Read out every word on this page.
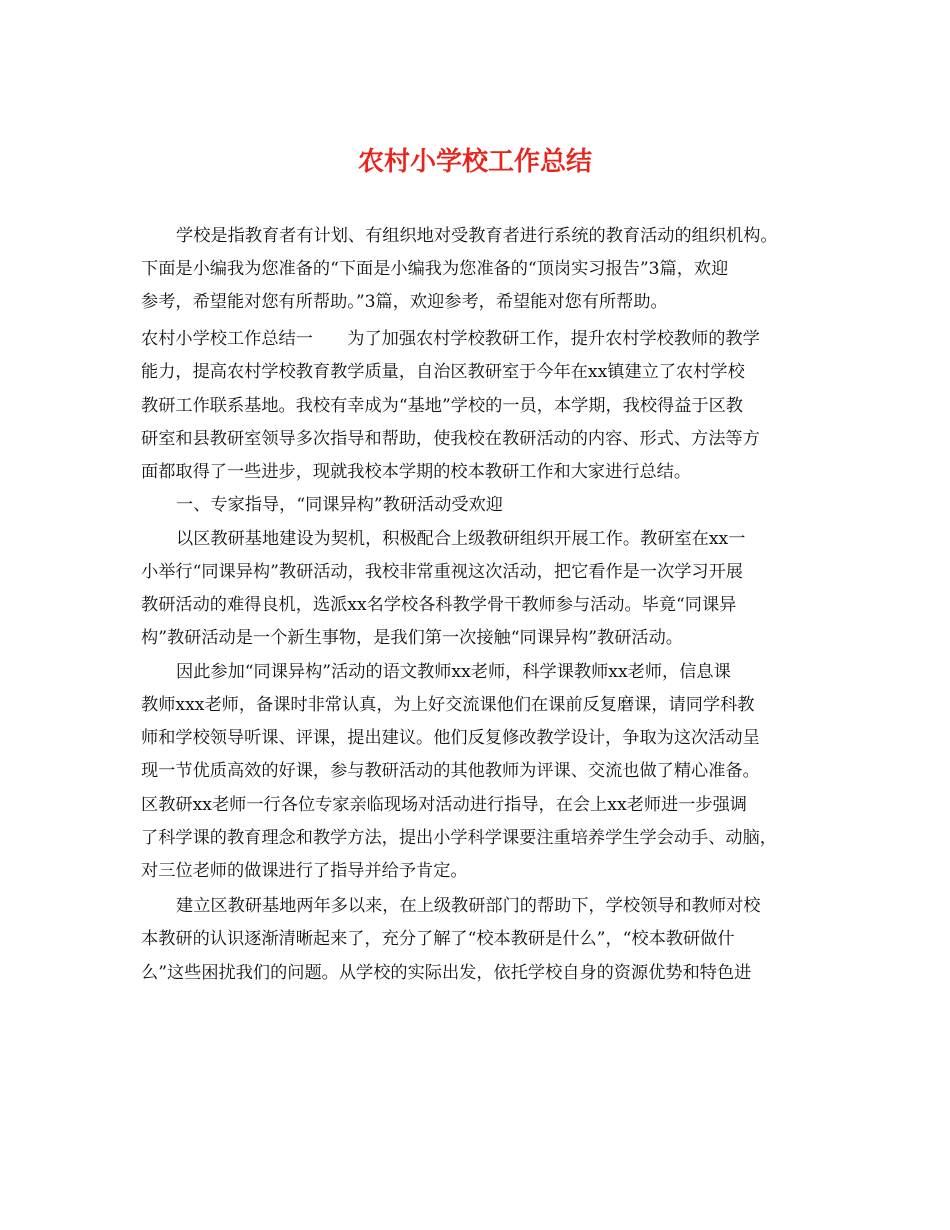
农村小学校工作总结
学校是指教育者有计划、有组织地对受教育者进行系统的教育活动的组织机构。
下面是小编我为您准备的“下面是小编我为您准备的“顶岗实习报告”3篇，欢迎
参考，希望能对您有所帮助。”3篇，欢迎参考，希望能对您有所帮助。
农村小学校工作总结一　　为了加强农村学校教研工作，提升农村学校教师的教学
能力，提高农村学校教育教学质量，自治区教研室于今年在xx镇建立了农村学校
教研工作联系基地。我校有幸成为“基地”学校的一员，本学期，我校得益于区教
研室和县教研室领导多次指导和帮助，使我校在教研活动的内容、形式、方法等方
面都取得了一些进步，现就我校本学期的校本教研工作和大家进行总结。
一、专家指导，“同课异构”教研活动受欢迎
以区教研基地建设为契机，积极配合上级教研组织开展工作。教研室在xx一
小举行“同课异构”教研活动，我校非常重视这次活动，把它看作是一次学习开展
教研活动的难得良机，选派xx名学校各科教学骨干教师参与活动。毕竟“同课异
构”教研活动是一个新生事物，是我们第一次接触“同课异构”教研活动。
因此参加“同课异构”活动的语文教师xx老师，科学课教师xx老师，信息课
教师xxx老师，备课时非常认真，为上好交流课他们在课前反复磨课，请同学科教
师和学校领导听课、评课，提出建议。他们反复修改教学设计，争取为这次活动呈
现一节优质高效的好课，参与教研活动的其他教师为评课、交流也做了精心准备。
区教研xx老师一行各位专家亲临现场对活动进行指导，在会上xx老师进一步强调
了科学课的教育理念和教学方法，提出小学科学课要注重培养学生学会动手、动脑，
对三位老师的做课进行了指导并给予肯定。
建立区教研基地两年多以来，在上级教研部门的帮助下，学校领导和教师对校
本教研的认识逐渐清晰起来了，充分了解了“校本教研是什么”，“校本教研做什
么”这些困扰我们的问题。从学校的实际出发，依托学校自身的资源优势和特色进
